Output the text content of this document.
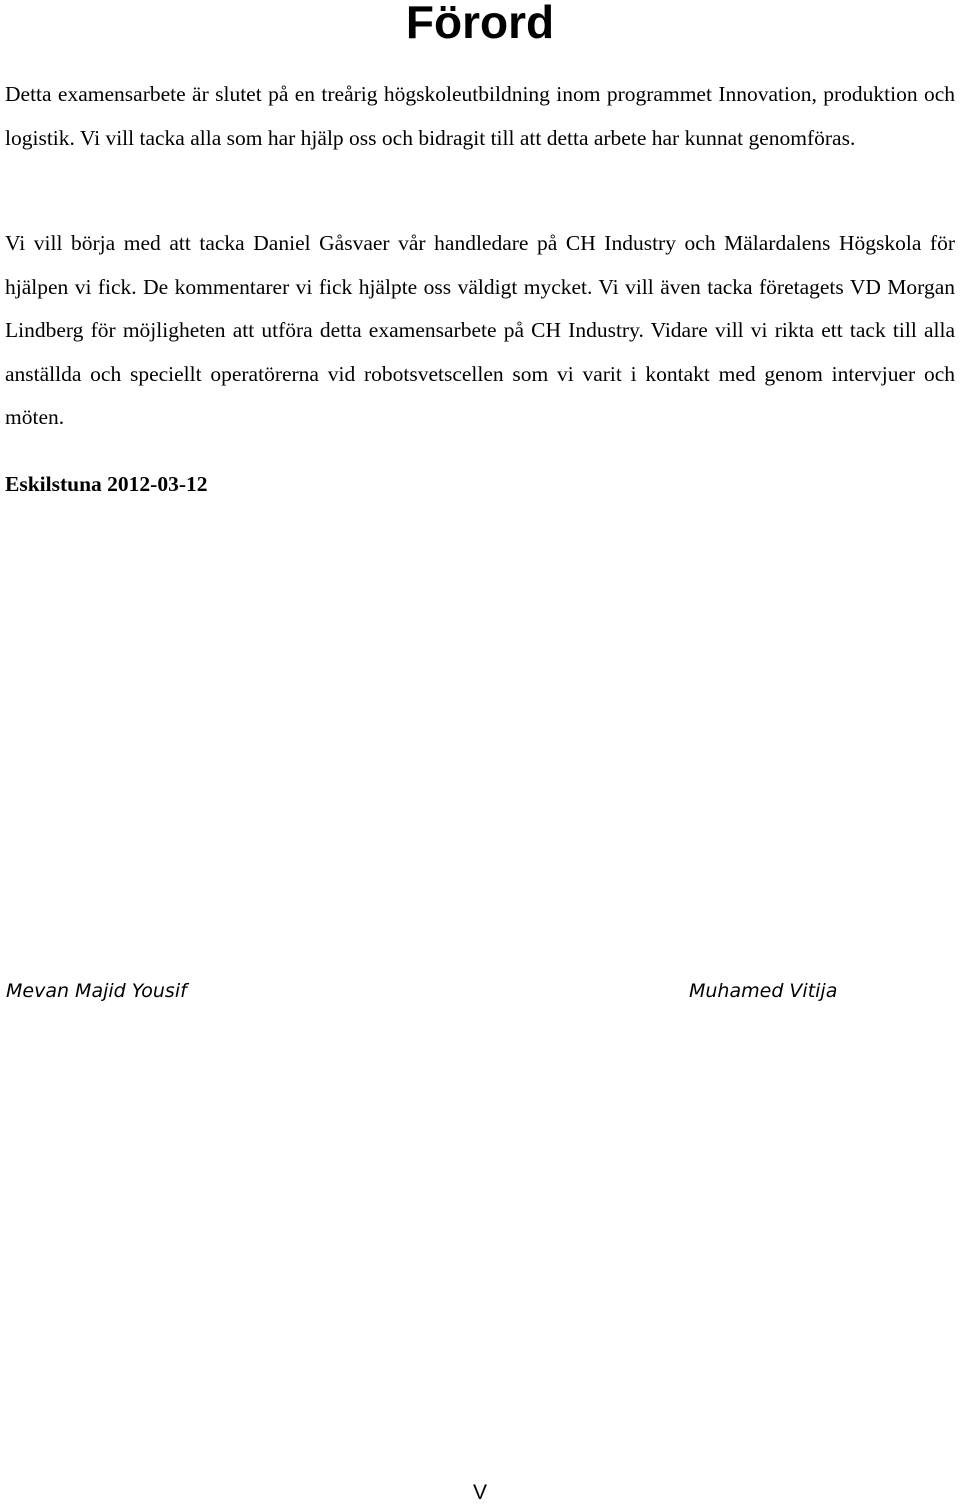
Förord

Detta examensarbete är slutet på en treårig högskoleutbildning inom programmet Innovation, produktion och logistik. Vi vill tacka alla som har hjälp oss och bidragit till att detta arbete har kunnat genomföras.

Vi vill börja med att tacka Daniel Gåsvaer vår handledare på CH Industry och Mälardalens Högskola för hjälpen vi fick. De kommentarer vi fick hjälpte oss väldigt mycket. Vi vill även tacka företagets VD Morgan Lindberg för möjligheten att utföra detta examensarbete på CH Industry. Vidare vill vi rikta ett tack till alla anställda och speciellt operatörerna vid robotsvetscellen som vi varit i kontakt med genom intervjuer och möten.

Eskilstuna 2012-03-12

Mevan Majid Yousif	Muhamed Vitija

V
